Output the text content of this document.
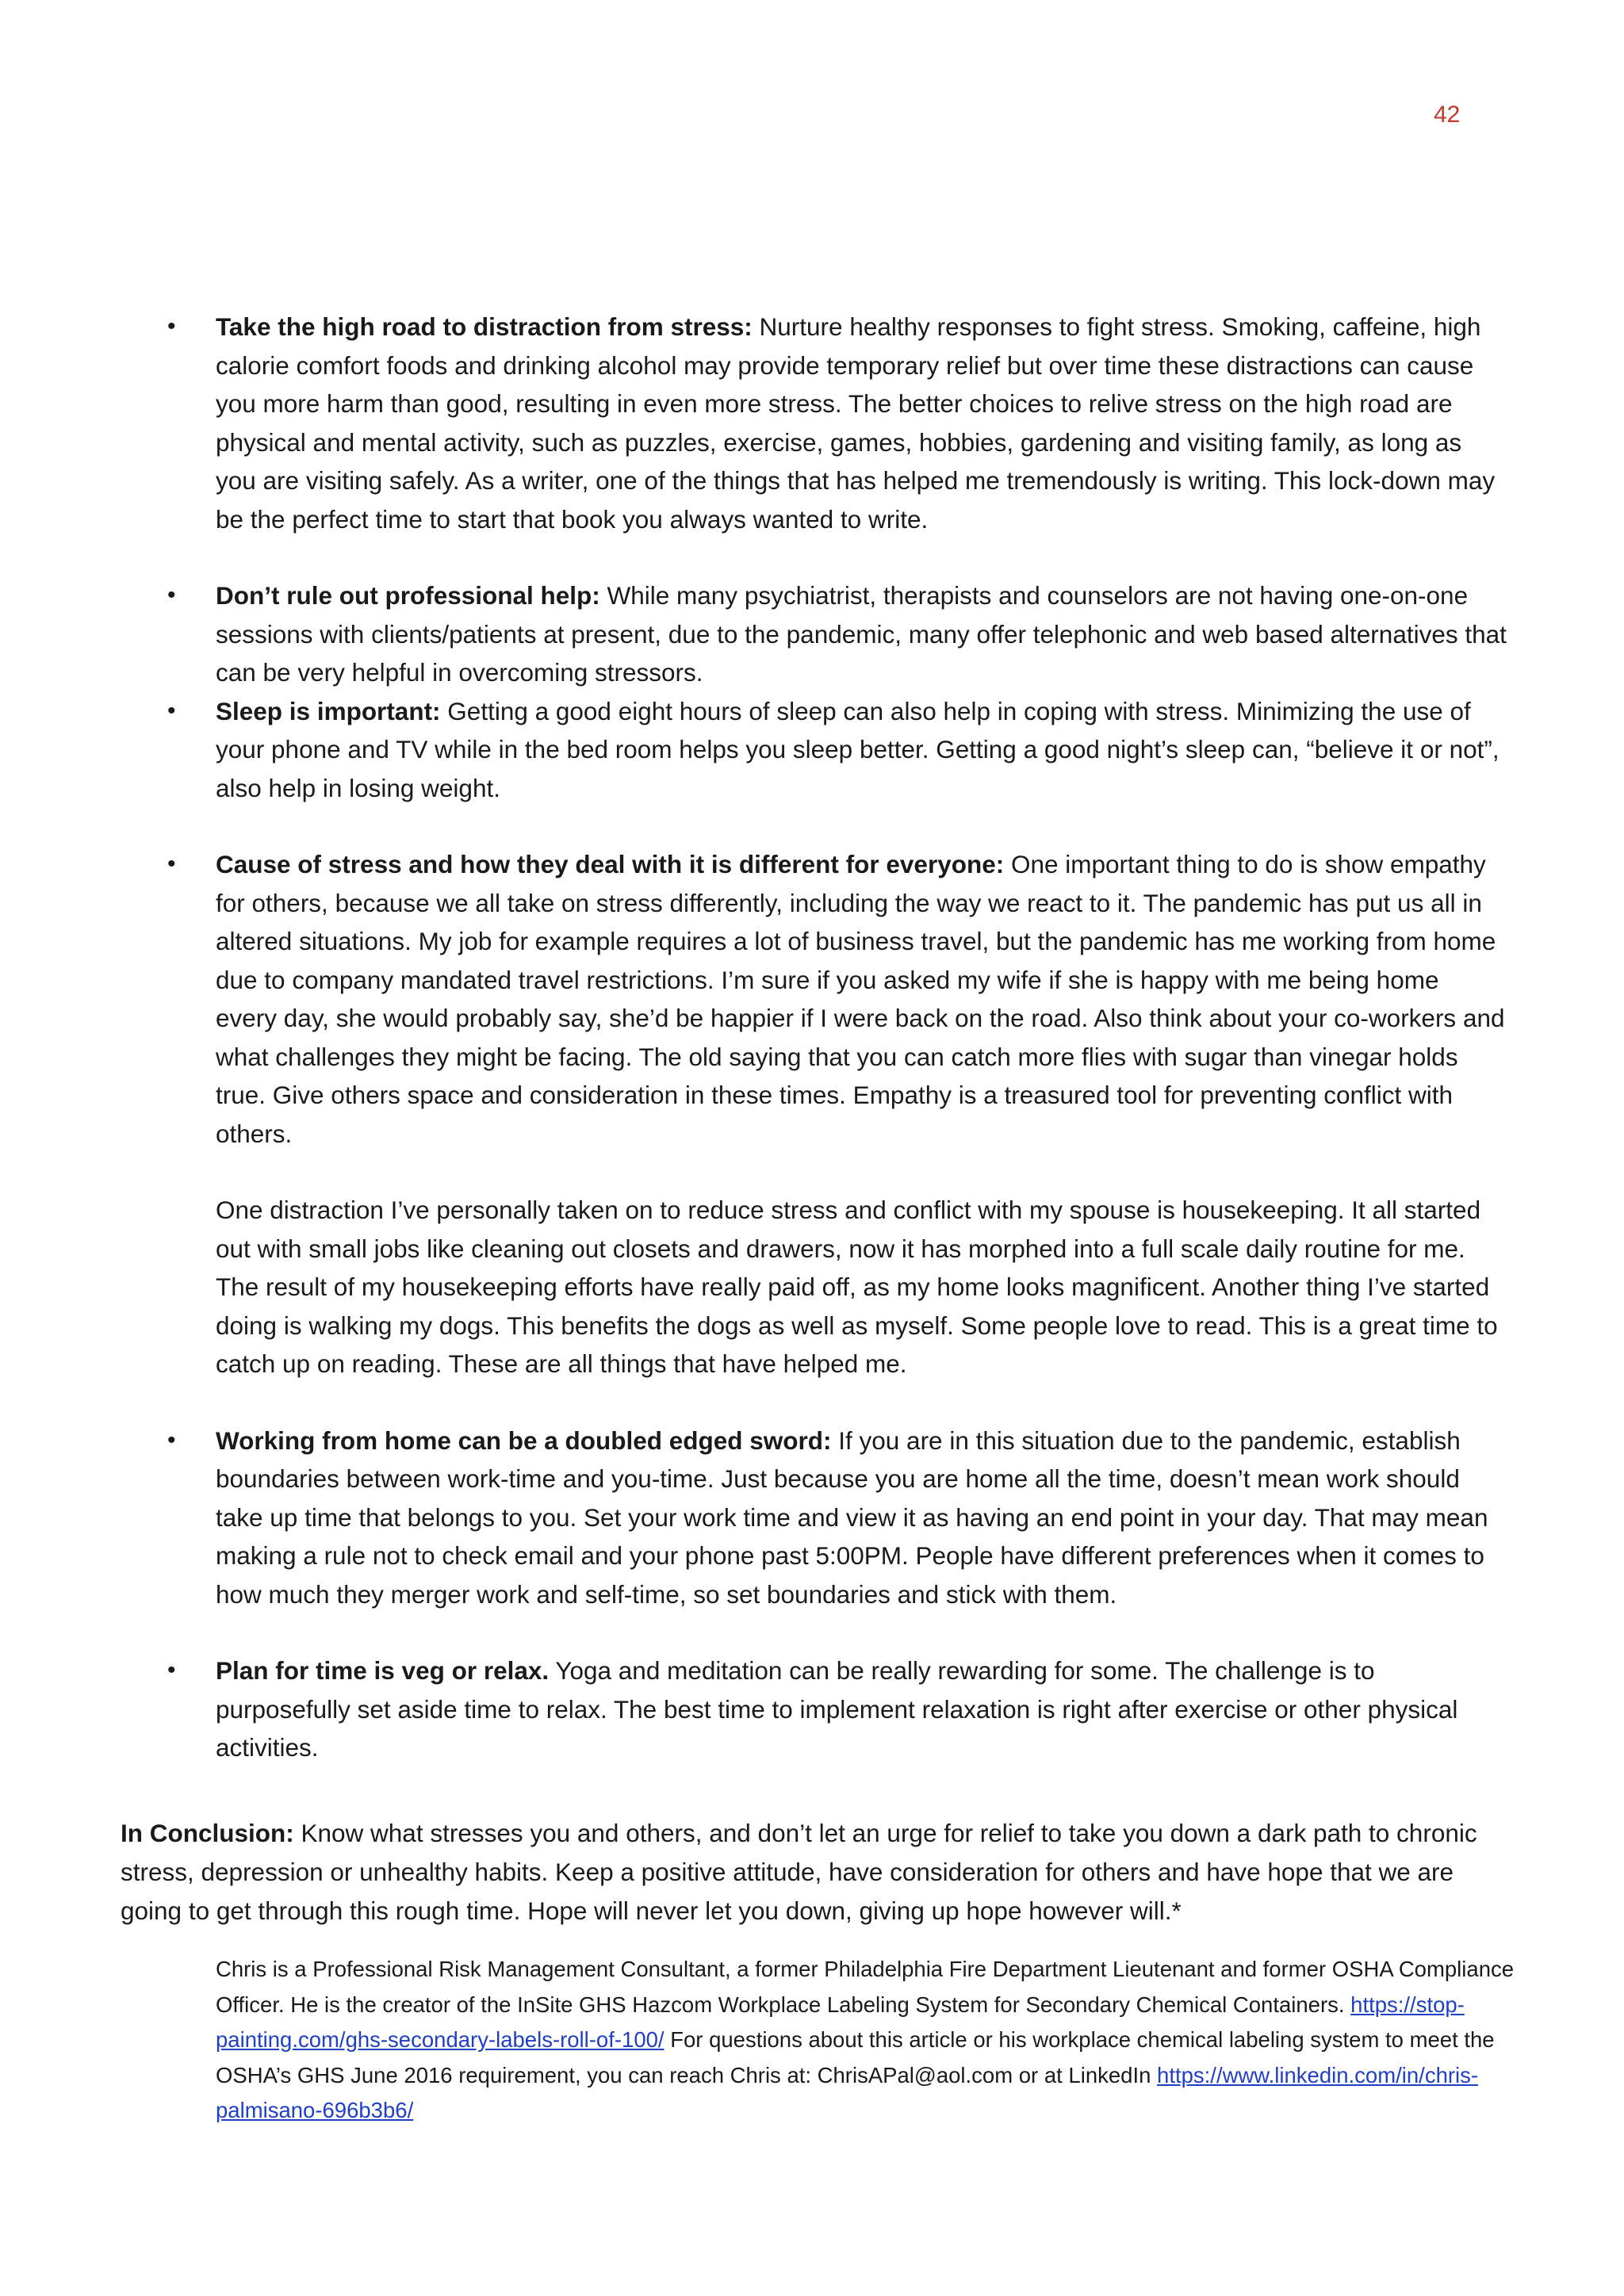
42
• Take the high road to distraction from stress: Nurture healthy responses to fight stress. Smoking, caffeine, high calorie comfort foods and drinking alcohol may provide temporary relief but over time these distractions can cause you more harm than good, resulting in even more stress. The better choices to relive stress on the high road are physical and mental activity, such as puzzles, exercise, games, hobbies, gardening and visiting family, as long as you are visiting safely. As a writer, one of the things that has helped me tremendously is writing. This lock-down may be the perfect time to start that book you always wanted to write.
• Don’t rule out professional help: While many psychiatrist, therapists and counselors are not having one-on-one sessions with clients/patients at present, due to the pandemic, many offer telephonic and web based alternatives that can be very helpful in overcoming stressors.
• Sleep is important: Getting a good eight hours of sleep can also help in coping with stress. Minimizing the use of your phone and TV while in the bed room helps you sleep better. Getting a good night’s sleep can, “believe it or not”, also help in losing weight.
• Cause of stress and how they deal with it is different for everyone: One important thing to do is show empathy for others, because we all take on stress differently, including the way we react to it. The pandemic has put us all in altered situations. My job for example requires a lot of business travel, but the pandemic has me working from home due to company mandated travel restrictions. I’m sure if you asked my wife if she is happy with me being home every day, she would probably say, she’d be happier if I were back on the road. Also think about your co-workers and what challenges they might be facing. The old saying that you can catch more flies with sugar than vinegar holds true. Give others space and consideration in these times. Empathy is a treasured tool for preventing conflict with others.
One distraction I’ve personally taken on to reduce stress and conflict with my spouse is housekeeping. It all started out with small jobs like cleaning out closets and drawers, now it has morphed into a full scale daily routine for me. The result of my housekeeping efforts have really paid off, as my home looks magnificent. Another thing I’ve started doing is walking my dogs. This benefits the dogs as well as myself. Some people love to read. This is a great time to catch up on reading. These are all things that have helped me.
• Working from home can be a doubled edged sword: If you are in this situation due to the pandemic, establish boundaries between work-time and you-time. Just because you are home all the time, doesn’t mean work should take up time that belongs to you. Set your work time and view it as having an end point in your day. That may mean making a rule not to check email and your phone past 5:00PM. People have different preferences when it comes to how much they merger work and self-time, so set boundaries and stick with them.
• Plan for time is veg or relax. Yoga and meditation can be really rewarding for some. The challenge is to purposefully set aside time to relax. The best time to implement relaxation is right after exercise or other physical activities.
In Conclusion: Know what stresses you and others, and don’t let an urge for relief to take you down a dark path to chronic stress, depression or unhealthy habits. Keep a positive attitude, have consideration for others and have hope that we are going to get through this rough time. Hope will never let you down, giving up hope however will.*
Chris is a Professional Risk Management Consultant, a former Philadelphia Fire Department Lieutenant and former OSHA Compliance Officer. He is the creator of the InSite GHS Hazcom Workplace Labeling System for Secondary Chemical Containers. https://stop-painting.com/ghs-secondary-labels-roll-of-100/ For questions about this article or his workplace chemical labeling system to meet the OSHA’s GHS June 2016 requirement, you can reach Chris at: ChrisAPal@aol.com or at LinkedIn https://www.linkedin.com/in/chris-palmisano-696b3b6/
